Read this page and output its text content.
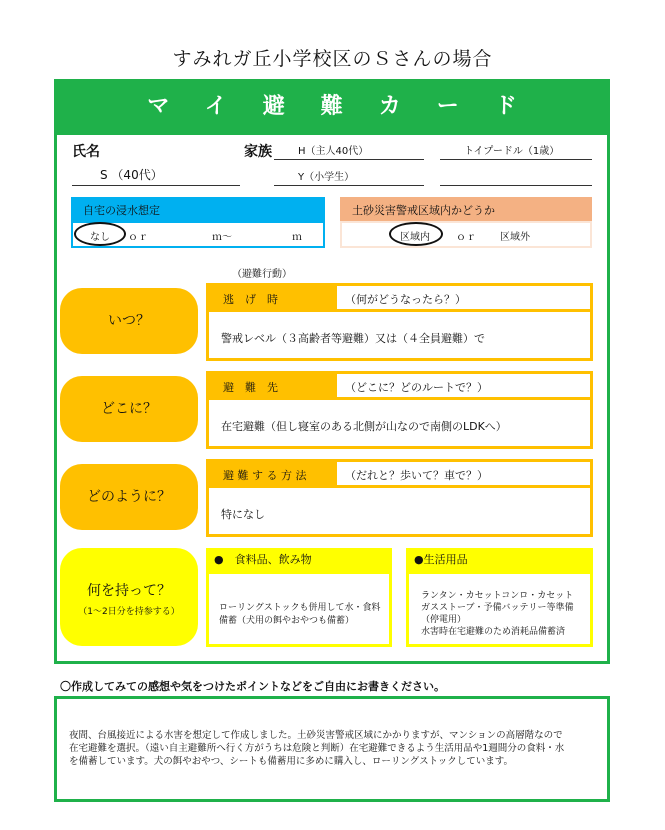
すみれガ丘小学校区のＳさんの場合
マイ避難カード
氏名
S （40代）
家族	H（主人40代）	トイプードル（1歳）
Y（小学生）
自宅の浸水想定
なし ｏｒ	ｍ～	ｍ
土砂災害警戒区域内かどうか
区域内	ｏｒ 区域外
（避難行動）
いつ？
逃　げ　時	（何がどうなったら？）
警戒レベル（３高齢者等避難）又は（４全員避難）で
どこに？
避　難　先	（どこに？どのルートで？）
在宅避難（但し寝室のある北側が山なので南側のLDKへ）
どのように？
避 難 す る 方 法	（だれと？歩いて？車で？）
特になし
何を持って？
（1～2日分を持参する）
●　食料品、飲み物
ローリングストックも併用して水・食料
備蓄（犬用の餌やおやつも備蓄）
●生活用品
ランタン・カセットコンロ・カセット
ガスストーブ・予備バッテリー等準備
（停電用）
水害時在宅避難のため消耗品備蓄済
〇作成してみての感想や気をつけたポイントなどをご自由にお書きください。
夜間、台風接近による水害を想定して作成しました。土砂災害警戒区域にかかりますが、マンションの高層階なので
在宅避難を選択。（遠い自主避難所へ行く方がうちは危険と判断）在宅避難できるよう生活用品や1週間分の食料・水
を備蓄しています。犬の餌やおやつ、シートも備蓄用に多めに購入し、ローリングストックしています。
